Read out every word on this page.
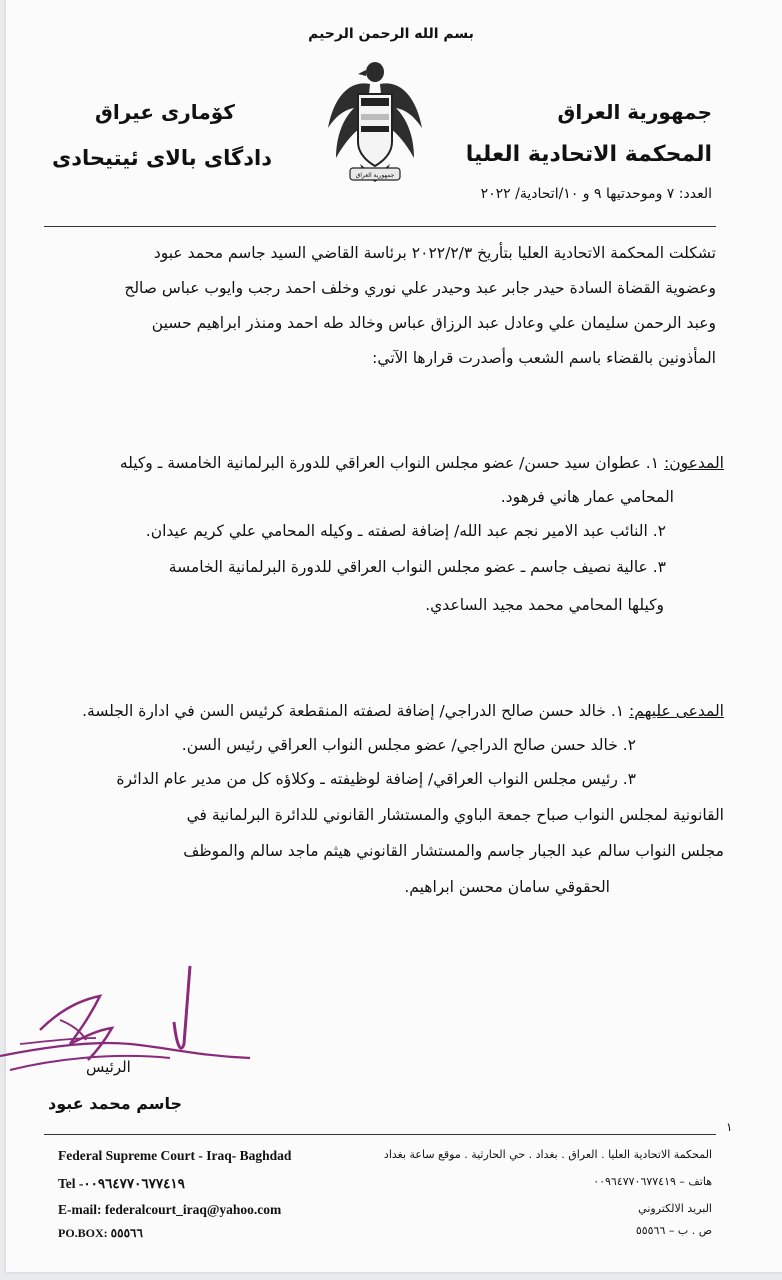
بسم الله الرحمن الرحيم
جمهورية العراق
المحكمة الاتحادية العليا
كۆماری عیراق
دادگای بالای ئیتیحادی
جمهورية العراق
العدد: ٧ وموحدتيها ٩ و ١٠/اتحادية/ ٢٠٢٢
تشكلت المحكمة الاتحادية العليا بتأريخ ٢٠٢٢/٢/٣ برئاسة القاضي السيد جاسم محمد عبود
وعضوية القضاة السادة حيدر جابر عبد وحيدر علي نوري وخلف احمد رجب وايوب عباس صالح
وعبد الرحمن سليمان علي وعادل عبد الرزاق عباس وخالد طه احمد ومنذر ابراهيم حسين
المأذونين بالقضاء باسم الشعب وأصدرت قرارها الآتي:
المدعون: ١. عطوان سيد حسن/ عضو مجلس النواب العراقي للدورة البرلمانية الخامسة ـ وكيله
المحامي عمار هاني فرهود.
٢. النائب عبد الامير نجم عبد الله/ إضافة لصفته ـ وكيله المحامي علي كريم عيدان.
٣. عالية نصيف جاسم ـ عضو مجلس النواب العراقي للدورة البرلمانية الخامسة
وكيلها المحامي محمد مجيد الساعدي.
المدعى عليهم: ١. خالد حسن صالح الدراجي/ إضافة لصفته المنقطعة كرئيس السن في ادارة الجلسة.
٢. خالد حسن صالح الدراجي/ عضو مجلس النواب العراقي رئيس السن.
٣. رئيس مجلس النواب العراقي/ إضافة لوظيفته ـ وكلاؤه كل من مدير عام الدائرة
القانونية لمجلس النواب صباح جمعة الباوي والمستشار القانوني للدائرة البرلمانية في
مجلس النواب سالم عبد الجبار جاسم والمستشار القانوني هيثم ماجد سالم والموظف
الحقوقي سامان محسن ابراهيم.
الرئيس
جاسم محمد عبود
١
Federal Supreme Court - Iraq- Baghdad
Tel -٠٠٩٦٤٧٧٠٦٧٧٤١٩
E-mail: federalcourt_iraq@yahoo.com
PO.BOX: ٥٥٥٦٦
المحكمة الاتحادية العليا . العراق . بغداد . حي الحارثية . موقع ساعة بغداد
هاتف – ٠٠٩٦٤٧٧٠٦٧٧٤١٩
البريد الالكتروني
ص . ب – ٥٥٥٦٦
